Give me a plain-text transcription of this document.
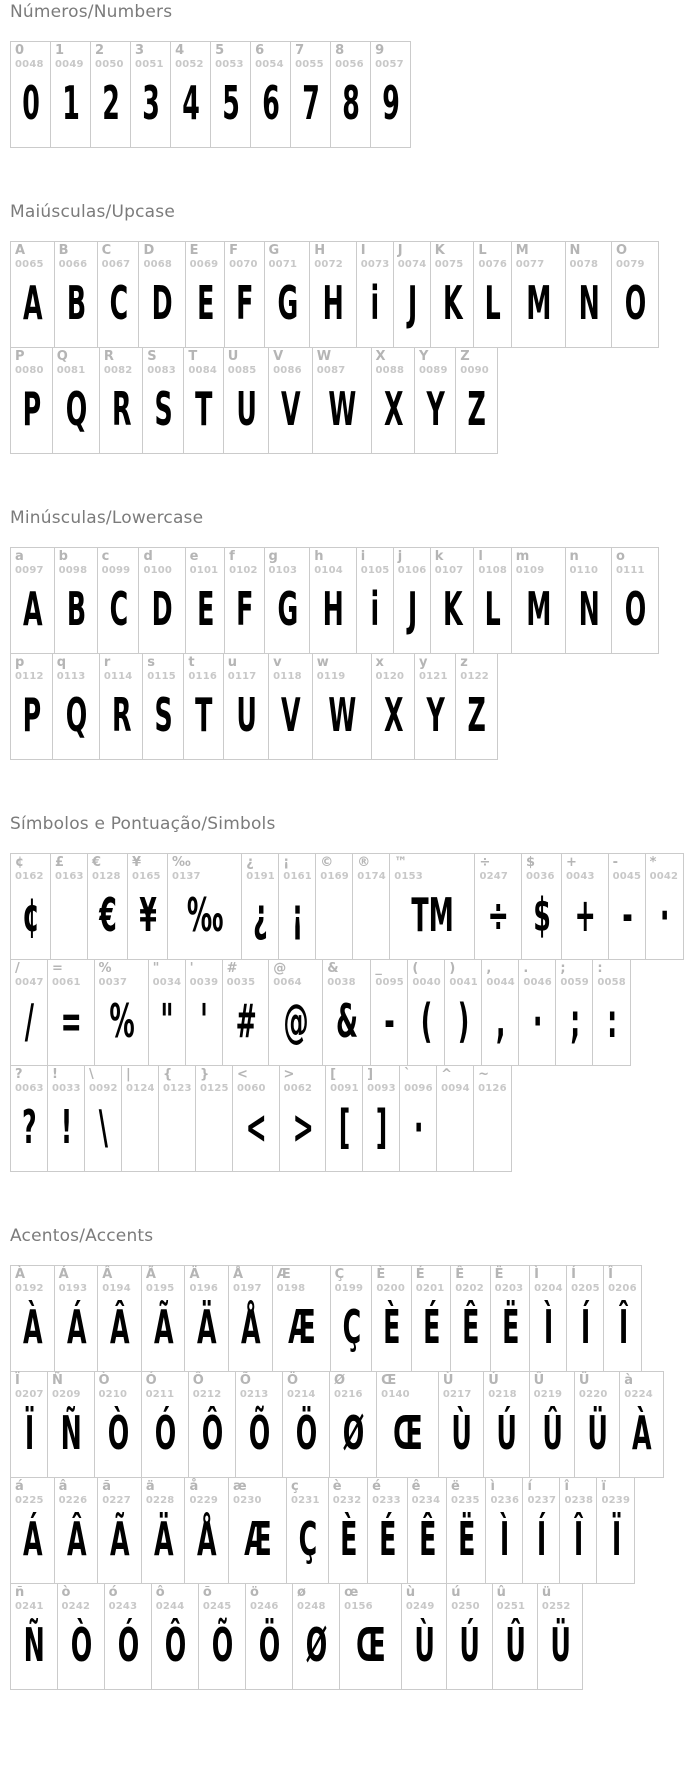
Números/Numbers
0
0048
0
1
0049
1
2
0050
2
3
0051
3
4
0052
4
5
0053
5
6
0054
6
7
0055
7
8
0056
8
9
0057
9
Maiúsculas/Upcase
A
0065
A
B
0066
B
C
0067
C
D
0068
D
E
0069
E
F
0070
F
G
0071
G
H
0072
H
I
0073
i
J
0074
J
K
0075
K
L
0076
L
M
0077
M
N
0078
N
O
0079
O
P
0080
P
Q
0081
Q
R
0082
R
S
0083
S
T
0084
T
U
0085
U
V
0086
V
W
0087
W
X
0088
X
Y
0089
Y
Z
0090
Z
Minúsculas/Lowercase
a
0097
A
b
0098
B
c
0099
C
d
0100
D
e
0101
E
f
0102
F
g
0103
G
h
0104
H
i
0105
i
j
0106
J
k
0107
K
l
0108
L
m
0109
M
n
0110
N
o
0111
O
p
0112
P
q
0113
Q
r
0114
R
s
0115
S
t
0116
T
u
0117
U
v
0118
V
w
0119
W
x
0120
X
y
0121
Y
z
0122
Z
Símbolos e Pontuação/Simbols
¢
0162
¢
£
0163
€
0128
€
¥
0165
¥
‰
0137
‰
¿
0191
¿
¡
0161
¡
©
0169
®
0174
™
0153
TM
÷
0247
÷
$
0036
$
+
0043
+
-
0045
-
*
0042
·
/
0047
/
=
0061
=
%
0037
%
"
0034
"
'
0039
'
#
0035
#
@
0064
@
&
0038
&
_
0095
-
(
0040
(
)
0041
)
,
0044
,
.
0046
·
;
0059
;
:
0058
:
?
0063
?
!
0033
!
\
0092
\
|
0124
{
0123
}
0125
<
0060
<
>
0062
>
[
0091
[
]
0093
]
`
0096
·
^
0094
~
0126
Acentos/Accents
À
0192
À
Á
0193
Á
Â
0194
Â
Ã
0195
Ã
Ä
0196
Ä
Å
0197
Å
Æ
0198
Æ
Ç
0199
Ç
È
0200
È
É
0201
É
Ê
0202
Ê
Ë
0203
Ë
Ì
0204
Ì
Í
0205
Í
Î
0206
Î
Ï
0207
Ï
Ñ
0209
Ñ
Ò
0210
Ò
Ó
0211
Ó
Ô
0212
Ô
Õ
0213
Õ
Ö
0214
Ö
Ø
0216
Ø
Œ
0140
Œ
Ù
0217
Ù
Ú
0218
Ú
Û
0219
Û
Ü
0220
Ü
à
0224
À
á
0225
Á
â
0226
Â
ã
0227
Ã
ä
0228
Ä
å
0229
Å
æ
0230
Æ
ç
0231
Ç
è
0232
È
é
0233
É
ê
0234
Ê
ë
0235
Ë
ì
0236
Ì
í
0237
Í
î
0238
Î
ï
0239
Ï
ñ
0241
Ñ
ò
0242
Ò
ó
0243
Ó
ô
0244
Ô
õ
0245
Õ
ö
0246
Ö
ø
0248
Ø
œ
0156
Œ
ù
0249
Ù
ú
0250
Ú
û
0251
Û
ü
0252
Ü
